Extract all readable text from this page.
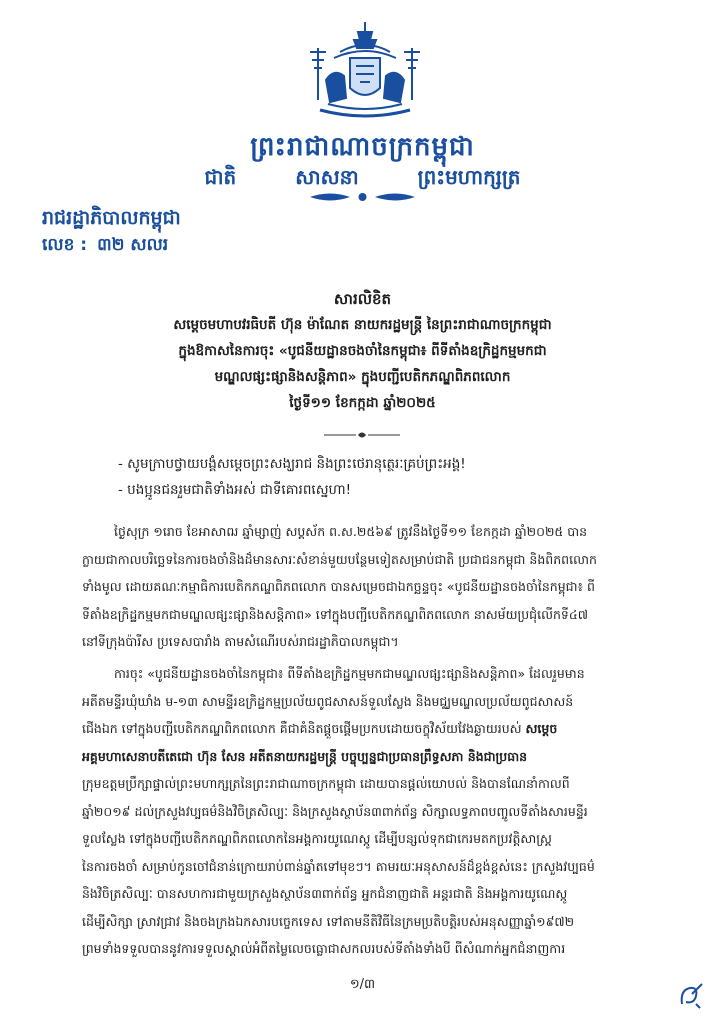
ព្រះរាជាណាចក្រកម្ពុជា
ជាតិ	សាសនា	ព្រះមហាក្សត្រ
រាជរដ្ឋាភិបាលកម្ពុជា
លេខ : ៣២ សលរ
សារលិខិត
សម្តេចមហាបវរធិបតី ហ៊ុន ម៉ាណែត នាយករដ្ឋមន្ត្រី នៃព្រះរាជាណាចក្រកម្ពុជា
ក្នុងឱកាសនៃការចុះ «បូជនីយដ្ឋានចងចាំនៃកម្ពុជា៖ ពីទីតាំងឧក្រិដ្ឋកម្មមកជា
មណ្ឌលផ្សះផ្សានិងសន្តិភាព» ក្នុងបញ្ជីបេតិកភណ្ឌពិភពលោក
ថ្ងៃទី១១ ខែកក្កដា ឆ្នាំ២០២៥
- សូមក្រាបថ្វាយបង្គំសម្តេចព្រះសង្ឃរាជ និងព្រះថេរានុត្ថេរៈគ្រប់ព្រះអង្គ!
- បងប្អូនជនរួមជាតិទាំងអស់ ជាទីគោរពស្នេហា!
ថ្ងៃសុក្រ ១រោច ខែអាសាឍ ឆ្នាំម្សាញ់ សប្តស័ក ព.ស.២៥៦៩ ត្រូវនឹងថ្ងៃទី១១ ខែកក្កដា ឆ្នាំ២០២៥ បាន
ក្លាយជាកាលបរិច្ឆេទនៃការចងចាំនិងដ៏មានសារៈសំខាន់មួយបន្ថែមទៀតសម្រាប់ជាតិ ប្រជាជនកម្ពុជា និងពិភពលោក
ទាំងមូល ដោយគណៈកម្មាធិការបេតិកភណ្ឌពិភពលោក បានសម្រេចជាឯកច្ឆន្ទចុះ «បូជនីយដ្ឋានចងចាំនៃកម្ពុជា៖ ពី
ទីតាំងឧក្រិដ្ឋកម្មមកជាមណ្ឌលផ្សះផ្សានិងសន្តិភាព» ទៅក្នុងបញ្ជីបេតិកភណ្ឌពិភពលោក នាសម័យប្រជុំលើកទី៤៧
នៅទីក្រុងប៉ារីស ប្រទេសបារាំង តាមសំណើរបស់រាជរដ្ឋាភិបាលកម្ពុជា។
ការចុះ «បូជនីយដ្ឋានចងចាំនៃកម្ពុជា៖ ពីទីតាំងឧក្រិដ្ឋកម្មមកជាមណ្ឌលផ្សះផ្សានិងសន្តិភាព» ដែលរួមមាន
អតីតមន្ទីរឃុំឃាំង ម-១៣ សាមន្ទីរឧក្រិដ្ឋកម្មប្រល័យពូជសាសន៍ទួលស្លែង និងមជ្ឈមណ្ឌលប្រល័យពូជសាសន៍
ជើងឯក ទៅក្នុងបញ្ជីបេតិកភណ្ឌពិភពលោក គឺជាគំនិតផ្តួចផ្តើមប្រកបដោយចក្ខុវិស័យវែងឆ្ងាយរបស់ សម្តេច
អគ្គមហាសេនាបតីតេជោ ហ៊ុន សែន អតីតនាយករដ្ឋមន្ត្រី បច្ចុប្បន្នជាប្រធានព្រឹទ្ធសភា និងជាប្រធាន
ក្រុមឧត្តមប្រឹក្សាផ្ទាល់ព្រះមហាក្សត្រនៃព្រះរាជាណាចក្រកម្ពុជា ដោយបានផ្តល់យោបល់ និងបានណែនាំកាលពី
ឆ្នាំ២០១៩ ដល់ក្រសួងវប្បធម៌និងវិចិត្រសិល្បៈ និងក្រសួងស្ថាប័ន៣ពាក់ព័ន្ធ សិក្សាលទ្ធភាពបញ្ចូលទីតាំងសារមន្ទីរ
ទួលស្លែង ទៅក្នុងបញ្ជីបេតិកភណ្ឌពិភពលោកនៃអង្គការយូណេស្កូ ដើម្បីបន្សល់ទុកជាកេរមតកប្រវត្តិសាស្ត្រ
នៃការចងចាំ សម្រាប់កូនចៅជំនាន់ក្រោយរាប់ពាន់ឆ្នាំតទៅមុខៗ។ តាមរយៈអនុសាសន៍ដ៏ខ្ពង់ខ្ពស់នេះ ក្រសួងវប្បធម៌
និងវិចិត្រសិល្បៈ បានសហការជាមួយក្រសួងស្ថាប័ន៣ពាក់ព័ន្ធ អ្នកជំនាញជាតិ អន្តរជាតិ និងអង្គការយូណេស្កូ
ដើម្បីសិក្សា ស្រាវជ្រាវ និងចងក្រងឯកសារបច្ចេកទេស ទៅតាមនីតិវិធីនៃក្រមប្រតិបត្តិរបស់អនុសញ្ញាឆ្នាំ១៩៧២
ព្រមទាំងទទួលបាននូវការទទួលស្គាល់អំពីតម្លៃលេចធ្លោជាសកលរបស់ទីតាំងទាំងបី ពីសំណាក់អ្នកជំនាញការ
១/៣
